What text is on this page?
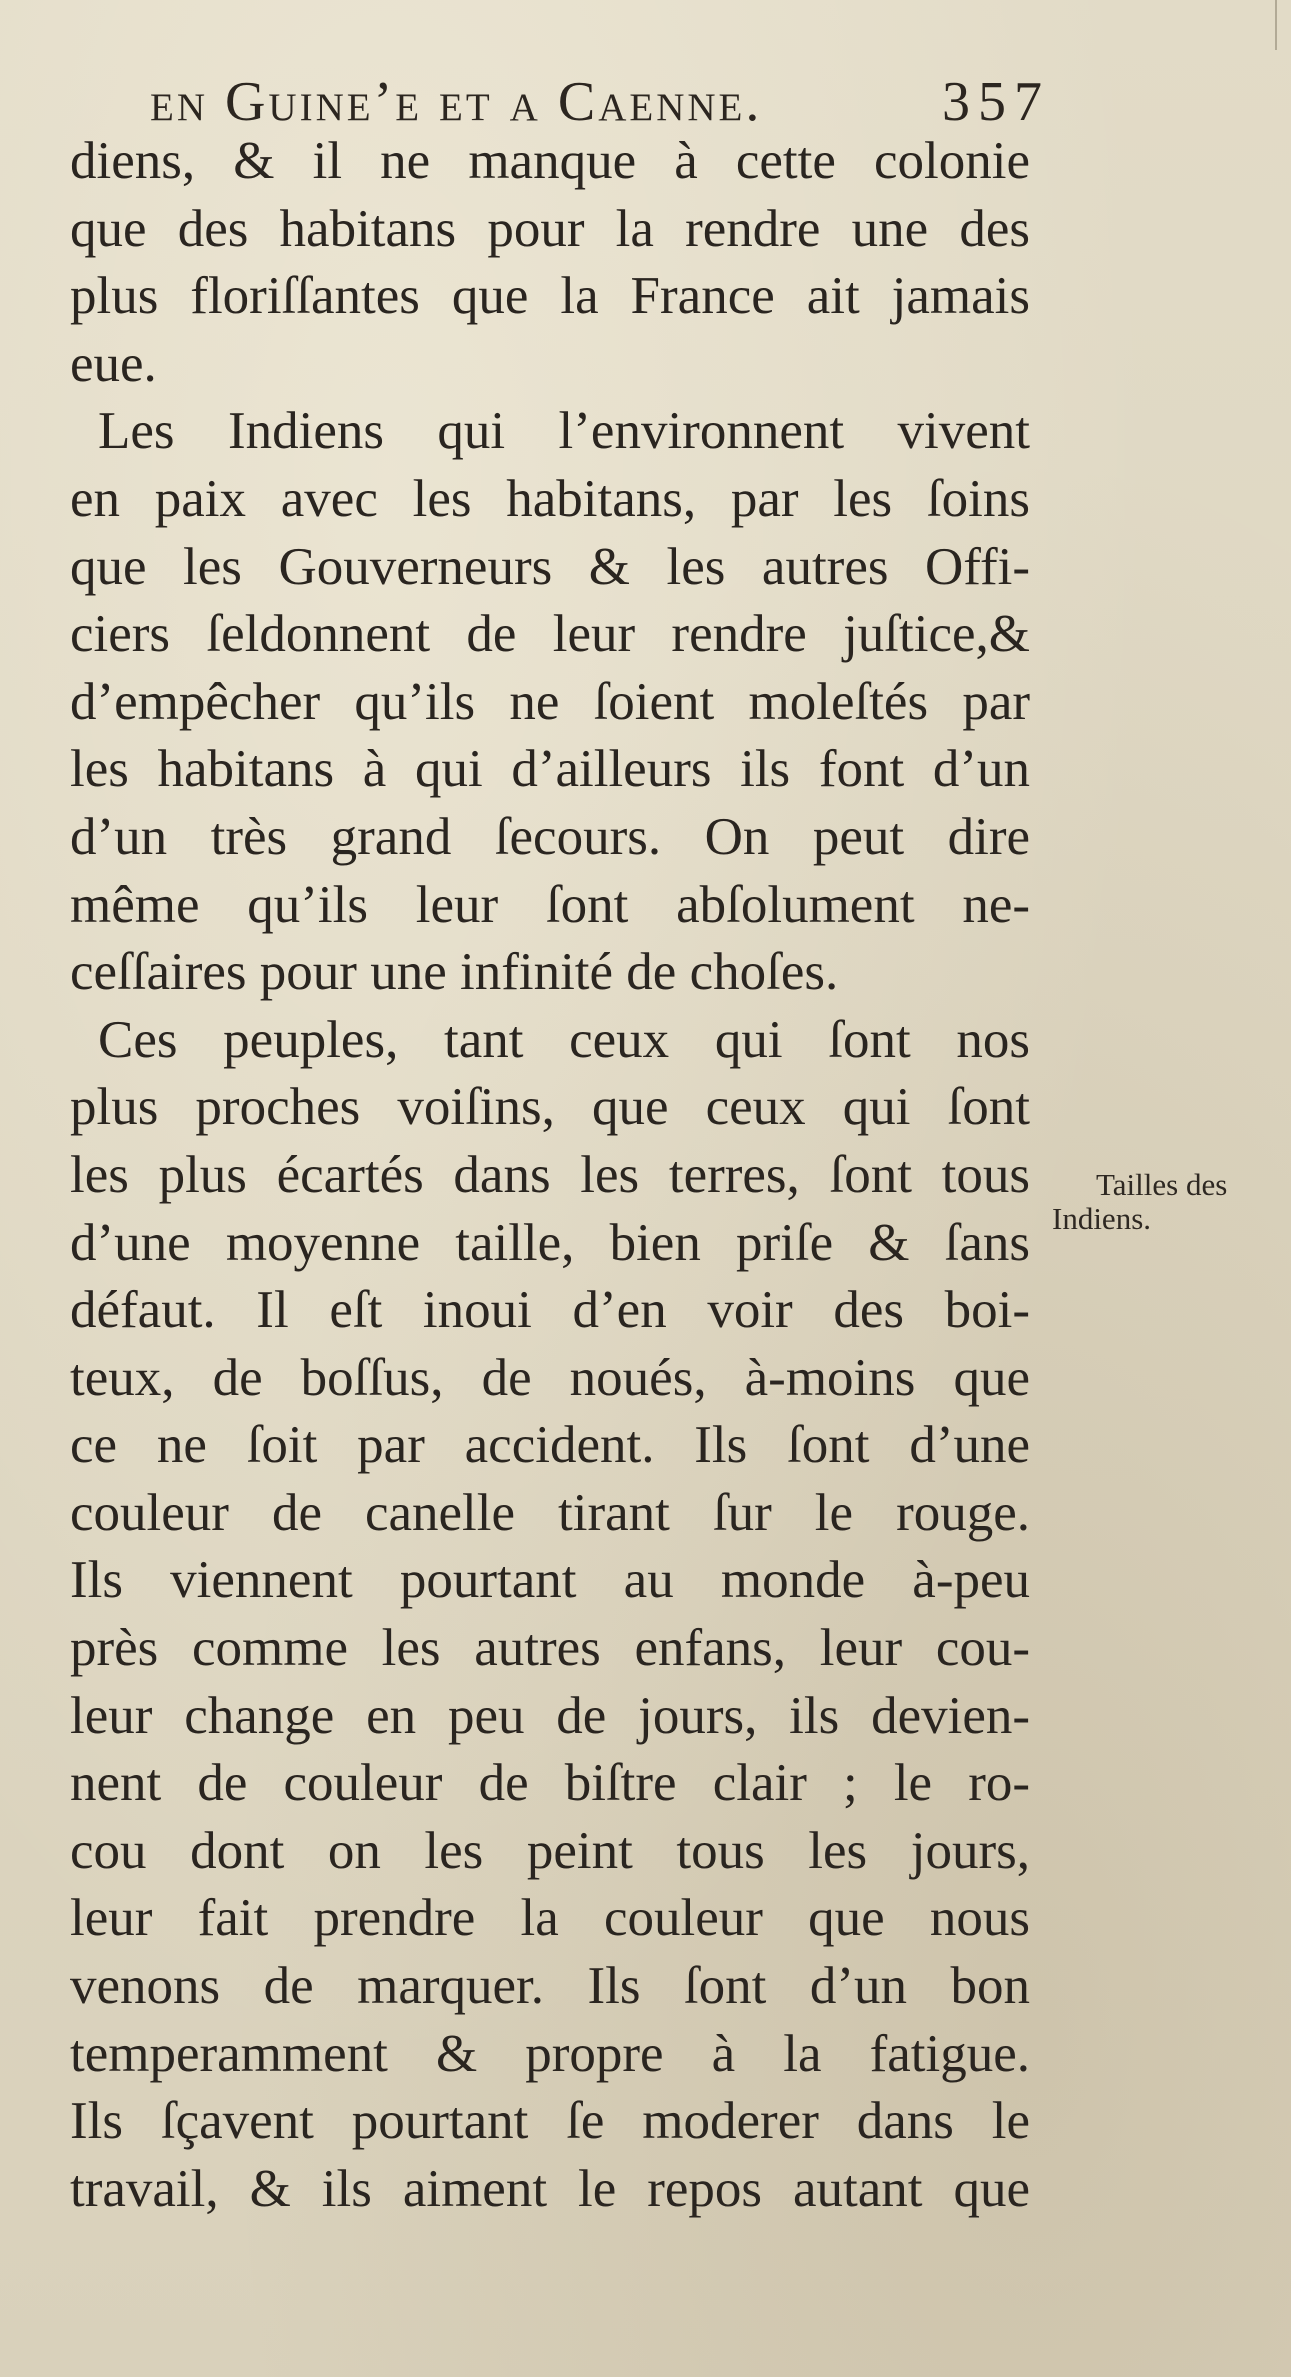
en Guine’e et a Caenne.	357
diens, & il ne manque à cette colonie
que des habitans pour la rendre une des
plus floriſſantes que la France ait jamais
eue.
Les Indiens qui l’environnent vivent
en paix avec les habitans, par les ſoins
que les Gouverneurs & les autres Offi-
ciers ſeldonnent de leur rendre juſtice,&
d’empêcher qu’ils ne ſoient moleſtés par
les habitans à qui d’ailleurs ils font d’un
d’un très grand ſecours. On peut dire
même qu’ils leur ſont abſolument ne-
ceſſaires pour une infinité de choſes.
Ces peuples, tant ceux qui ſont nos
plus proches voiſins, que ceux qui ſont
les plus écartés dans les terres, ſont tous
d’une moyenne taille, bien priſe & ſans
défaut. Il eſt inoui d’en voir des boi-
teux, de boſſus, de noués, à-moins que
ce ne ſoit par accident. Ils ſont d’une
couleur de canelle tirant ſur le rouge.
Ils viennent pourtant au monde à-peu
près comme les autres enfans, leur cou-
leur change en peu de jours, ils devien-
nent de couleur de biſtre clair ; le ro-
cou dont on les peint tous les jours,
leur fait prendre la couleur que nous
venons de marquer. Ils ſont d’un bon
temperamment & propre à la fatigue.
Ils ſçavent pourtant ſe moderer dans le
travail, & ils aiment le repos autant que
Tailles des
Indiens.
